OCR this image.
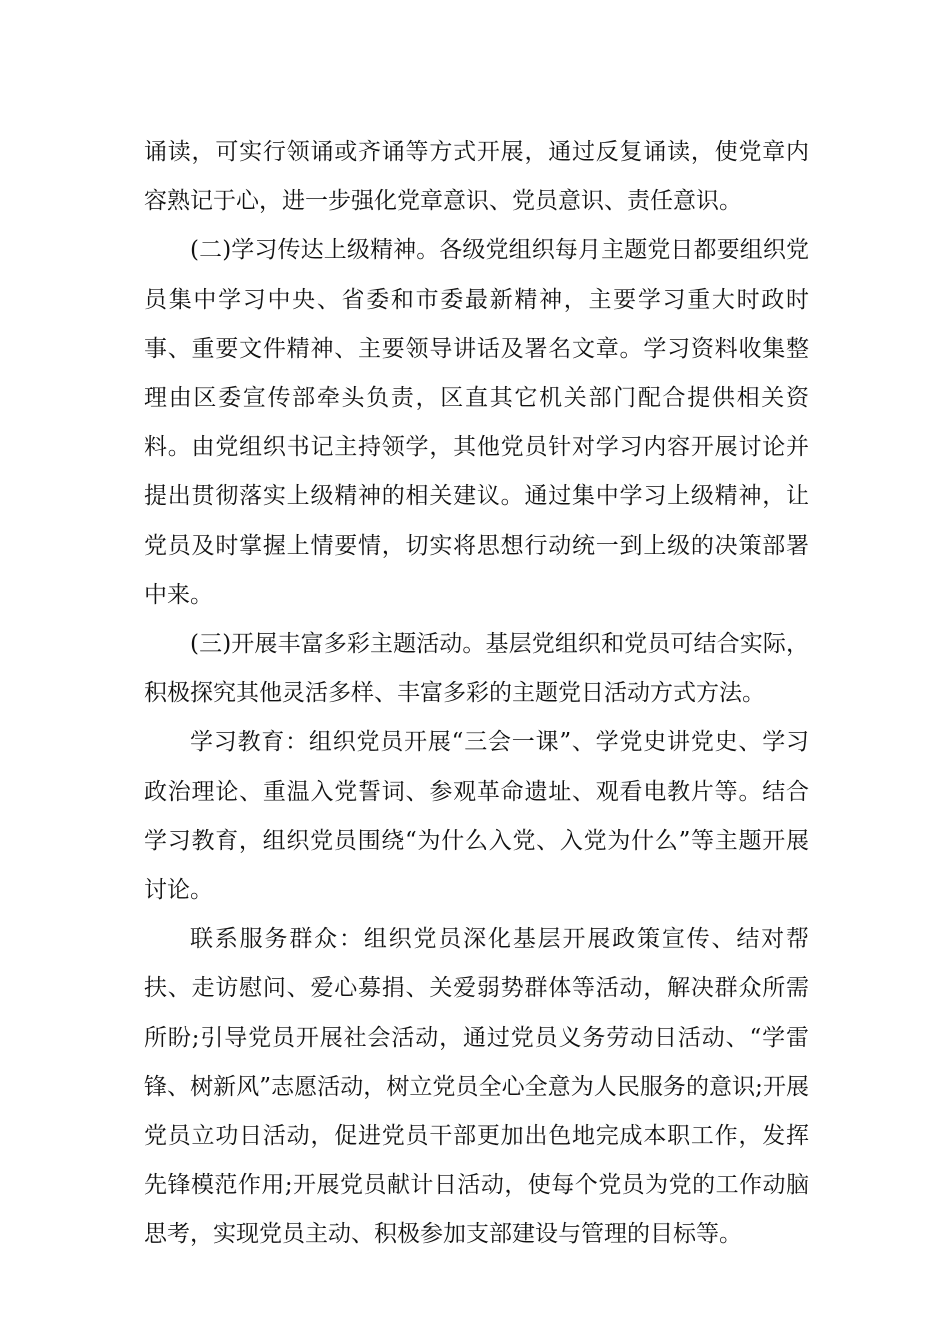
诵读，可实行领诵或齐诵等方式开展，通过反复诵读，使党章内容熟记于心，进一步强化党章意识、党员意识、责任意识。

(二)学习传达上级精神。各级党组织每月主题党日都要组织党员集中学习中央、省委和市委最新精神，主要学习重大时政时事、重要文件精神、主要领导讲话及署名文章。学习资料收集整理由区委宣传部牵头负责，区直其它机关部门配合提供相关资料。由党组织书记主持领学，其他党员针对学习内容开展讨论并提出贯彻落实上级精神的相关建议。通过集中学习上级精神，让党员及时掌握上情要情，切实将思想行动统一到上级的决策部署中来。

(三)开展丰富多彩主题活动。基层党组织和党员可结合实际，积极探究其他灵活多样、丰富多彩的主题党日活动方式方法。

学习教育：组织党员开展“三会一课”、学党史讲党史、学习政治理论、重温入党誓词、参观革命遗址、观看电教片等。结合学习教育，组织党员围绕“为什么入党、入党为什么”等主题开展讨论。

联系服务群众：组织党员深化基层开展政策宣传、结对帮扶、走访慰问、爱心募捐、关爱弱势群体等活动，解决群众所需所盼;引导党员开展社会活动，通过党员义务劳动日活动、“学雷锋、树新风”志愿活动，树立党员全心全意为人民服务的意识;开展党员立功日活动，促进党员干部更加出色地完成本职工作，发挥先锋模范作用;开展党员献计日活动，使每个党员为党的工作动脑思考，实现党员主动、积极参加支部建设与管理的目标等。
